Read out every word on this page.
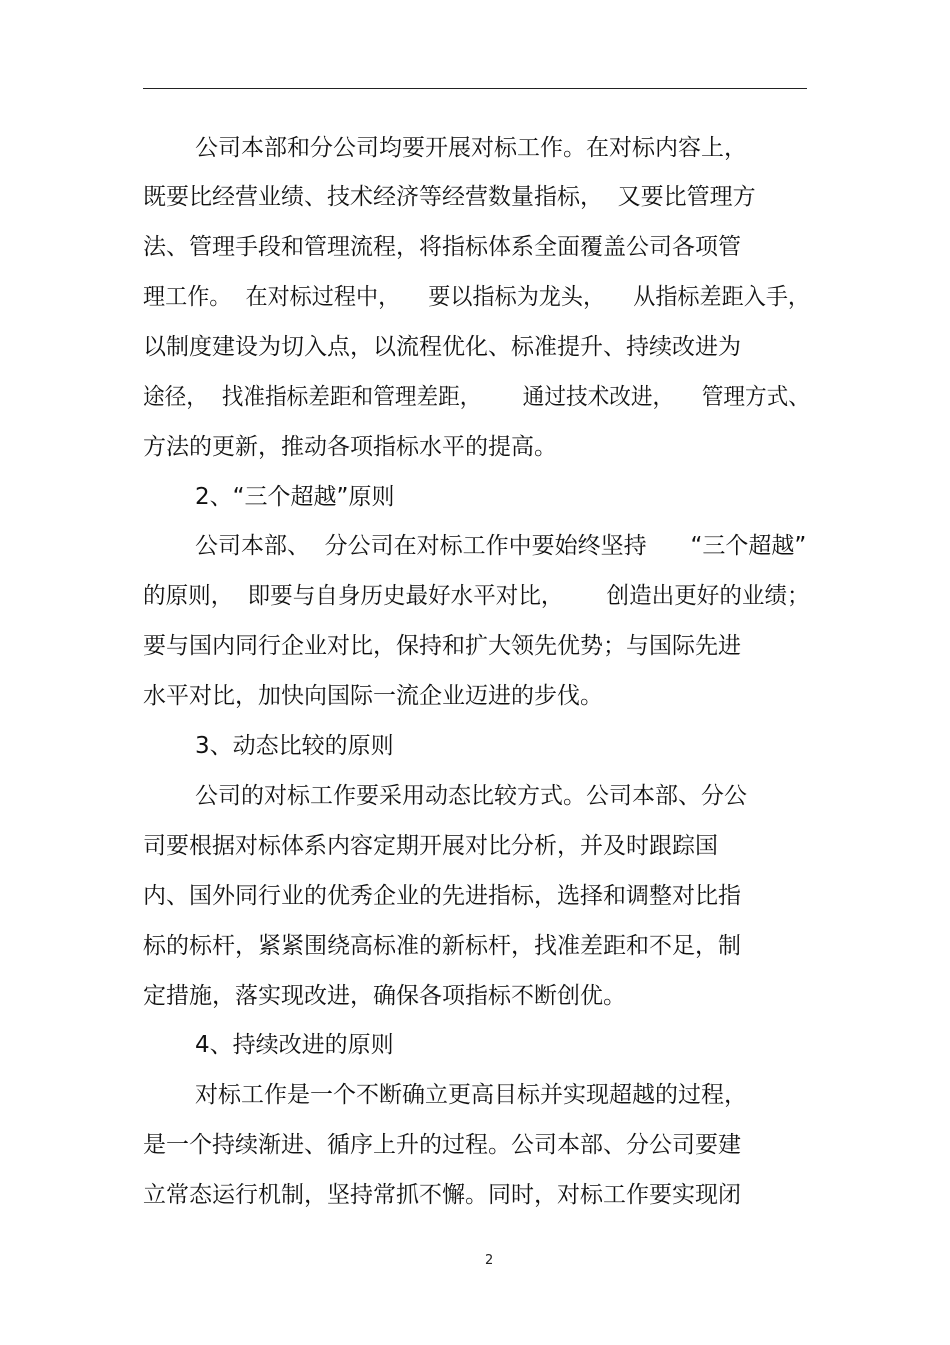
公司本部和分公司均要开展对标工作。在对标内容上，
既要比经营业绩、技术经济等经营数量指标，  又要比管理方
法、管理手段和管理流程，将指标体系全面覆盖公司各项管
理工作。  在对标过程中，    要以指标为龙头，    从指标差距入手，
以制度建设为切入点，以流程优化、标准提升、持续改进为
途径，  找准指标差距和管理差距，      通过技术改进，    管理方式、
方法的更新，推动各项指标水平的提高。
2、“三个超越”原则
公司本部、  分公司在对标工作中要始终坚持      “三个超越”
的原则，  即要与自身历史最好水平对比，      创造出更好的业绩；
要与国内同行企业对比，保持和扩大领先优势；与国际先进
水平对比，加快向国际一流企业迈进的步伐。
3、动态比较的原则
公司的对标工作要采用动态比较方式。公司本部、分公
司要根据对标体系内容定期开展对比分析，并及时跟踪国
内、国外同行业的优秀企业的先进指标，选择和调整对比指
标的标杆，紧紧围绕高标准的新标杆，找准差距和不足，制
定措施，落实现改进，确保各项指标不断创优。
4、持续改进的原则
对标工作是一个不断确立更高目标并实现超越的过程，
是一个持续渐进、循序上升的过程。公司本部、分公司要建
立常态运行机制，坚持常抓不懈。同时，对标工作要实现闭
2
